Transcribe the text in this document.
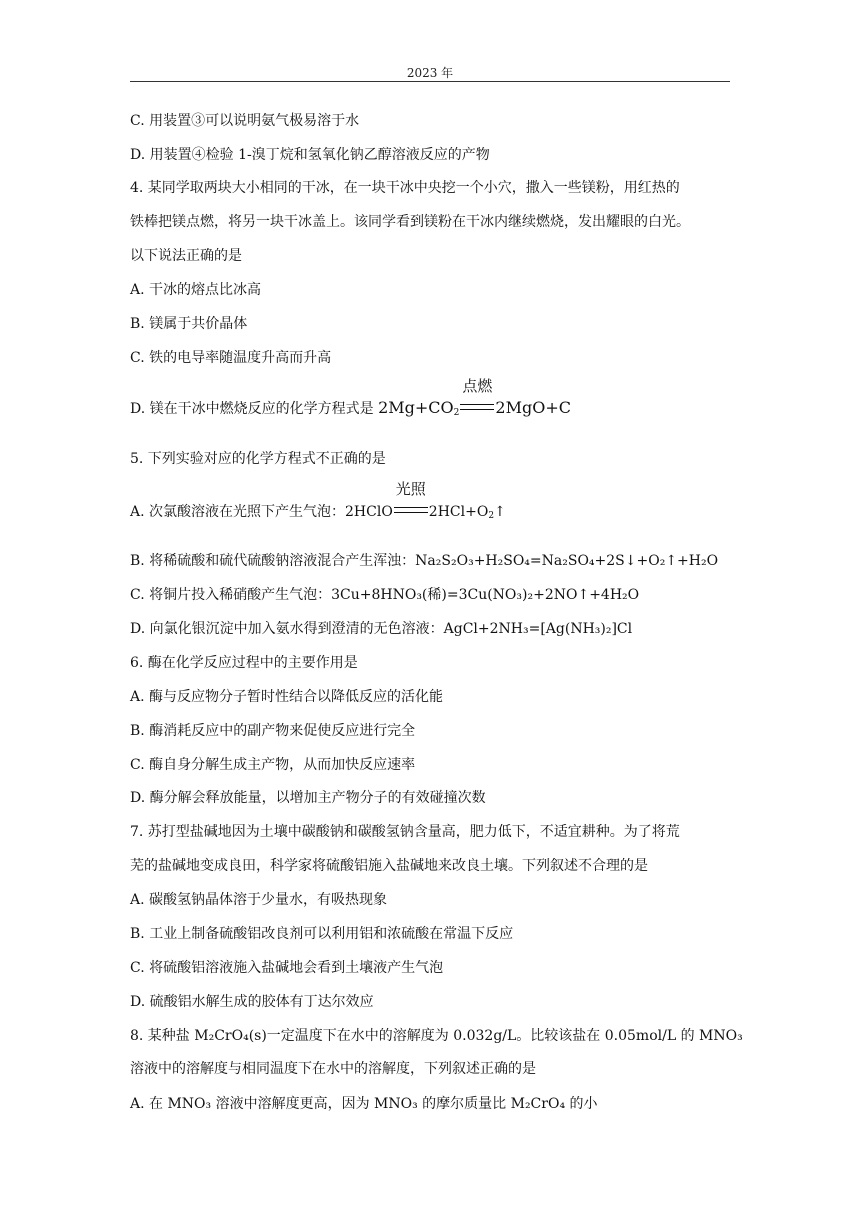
2023 年
C. 用装置③可以说明氨气极易溶于水
D. 用装置④检验 1-溴丁烷和氢氧化钠乙醇溶液反应的产物
4. 某同学取两块大小相同的干冰，在一块干冰中央挖一个小穴，撒入一些镁粉，用红热的
铁棒把镁点燃，将另一块干冰盖上。该同学看到镁粉在干冰内继续燃烧，发出耀眼的白光。
以下说法正确的是
A. 干冰的熔点比冰高
B. 镁属于共价晶体
C. 铁的电导率随温度升高而升高
D. 镁在干冰中燃烧反应的化学方程式是 $2Mg+CO_2$
点燃
2MgO+C
5. 下列实验对应的化学方程式不正确的是
A. 次氯酸溶液在光照下产生气泡：2HClO
光照
$2HCl+O_2↑$
B. 将稀硫酸和硫代硫酸钠溶液混合产生浑浊：Na₂S₂O₃+H₂SO₄=Na₂SO₄+2S↓+O₂↑+H₂O
C. 将铜片投入稀硝酸产生气泡：3Cu+8HNO₃(稀)=3Cu(NO₃)₂+2NO↑+4H₂O
D. 向氯化银沉淀中加入氨水得到澄清的无色溶液：AgCl+2NH₃=[Ag(NH₃)₂]Cl
6. 酶在化学反应过程中的主要作用是
A. 酶与反应物分子暂时性结合以降低反应的活化能
B. 酶消耗反应中的副产物来促使反应进行完全
C. 酶自身分解生成主产物，从而加快反应速率
D. 酶分解会释放能量，以增加主产物分子的有效碰撞次数
7. 苏打型盐碱地因为土壤中碳酸钠和碳酸氢钠含量高，肥力低下，不适宜耕种。为了将荒
芜的盐碱地变成良田，科学家将硫酸铝施入盐碱地来改良土壤。下列叙述不合理的是
A. 碳酸氢钠晶体溶于少量水，有吸热现象
B. 工业上制备硫酸铝改良剂可以利用铝和浓硫酸在常温下反应
C. 将硫酸铝溶液施入盐碱地会看到土壤液产生气泡
D. 硫酸铝水解生成的胶体有丁达尔效应
8. 某种盐 M₂CrO₄(s)一定温度下在水中的溶解度为 0.032g/L。比较该盐在 0.05mol/L 的 MNO₃
溶液中的溶解度与相同温度下在水中的溶解度，下列叙述正确的是
A. 在 MNO₃ 溶液中溶解度更高，因为 MNO₃ 的摩尔质量比 M₂CrO₄ 的小
